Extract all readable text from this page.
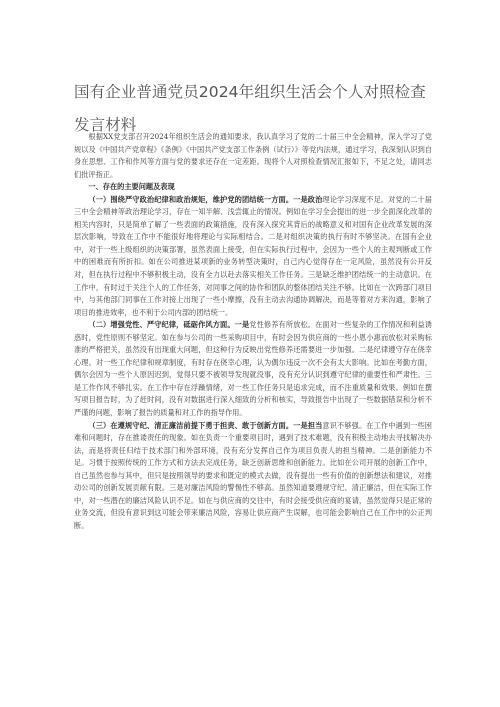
国有企业普通党员2024年组织生活会个人对照检查
发言材料

根据XX党支部召开2024年组织生活会的通知要求，我认真学习了党的二十届三中全会精神，深入学习了党规以及《中国共产党章程》《条例》《中国共产党支部工作条例（试行）》等党内法规，通过学习，我深刻认识到自身在思想、工作和作风等方面与党的要求还存在一定差距。现将个人对照检查情况汇报如下，不足之处，请同志们批评指正。

一、存在的主要问题及表现

（一）围绕严守政治纪律和政治规矩，维护党的团结统一方面。一是政治理论学习深度不足。对党的二十届三中全会精神等政治理论学习，存在一知半解、浅尝辄止的情况。例如在学习全会提出的进一步全面深化改革的相关内容时，只是简单了解了一些表面的政策措施，没有深入探究其背后的战略意义和对国有企业改革发展的深层次影响，导致在工作中不能很好地将理论与实际相结合。二是对组织决策的执行有时不够坚决。在国有企业中，对于一些上级组织的决策部署，虽然表面上接受，但在实际执行过程中，会因为一些个人的主观判断或工作中的困难而有所折扣。如在公司推进某项新的业务转型决策时，自己内心觉得存在一定风险，虽然没有公开反对，但在执行过程中不够积极主动，没有全力以赴去落实相关工作任务。三是缺乏维护团结统一的主动意识。在工作中，有时过于关注个人的工作任务，对同事之间的协作和团队的整体团结关注不够。比如在一次跨部门项目中，与其他部门同事在工作对接上出现了一些小摩擦，没有主动去沟通协调解决，而是等着对方来沟通，影响了项目的推进效率，也不利于公司内部的团结统一。

（二）增强党性、严守纪律，砥砺作风方面。一是党性修养有所放松。在面对一些复杂的工作情况和利益诱惑时，党性原则不够坚定。如在参与公司的一些采购项目中，有时会因为供应商的一些小恩小惠而放松对采购标准的严格把关，虽然没有出现重大问题，但这种行为反映出党性修养还需要进一步加强。二是纪律遵守存在侥幸心理。对一些工作纪律和规章制度，有时存在侥幸心理，认为偶尔违反一次不会有太大影响。比如在考勤方面，偶尔会因为一些个人原因迟到，觉得只要不被领导发现就没事，没有充分认识到遵守纪律的重要性和严肃性。三是工作作风不够扎实。在工作中存在浮躁情绪，对一些工作任务只是追求完成，而不注重质量和效果。例如在撰写项目报告时，为了赶时间，没有对数据进行深入细致的分析和核实，导致报告中出现了一些数据错误和分析不严谨的问题，影响了报告的质量和对工作的指导作用。

（三）在遵规守纪、清正廉洁前提下勇于担责、敢于创新方面。一是担当意识不够强。在工作中遇到一些困难和问题时，存在推诿责任的现象。如在负责一个重要项目时，遇到了技术难题，没有积极主动地去寻找解决办法，而是将责任归结于技术部门和外部环境，没有充分发挥自己作为项目负责人的担当精神。二是创新能力不足。习惯于按照传统的工作方式和方法去完成任务，缺乏创新思维和创新能力。比如在公司开展的创新工作中，自己虽然也参与其中，但只是按照领导的要求和既定的模式去做，没有提出一些有价值的创新想法和建议，对推动公司的创新发展贡献有限。三是对廉洁风险的警惕性不够高。虽然知道要遵规守纪、清正廉洁，但在实际工作中，对一些潜在的廉洁风险认识不足。如在与供应商的交往中，有时会接受供应商的宴请，虽然觉得只是正常的业务交流，但没有意识到这可能会带来廉洁风险，容易让供应商产生误解，也可能会影响自己在工作中的公正判断。
